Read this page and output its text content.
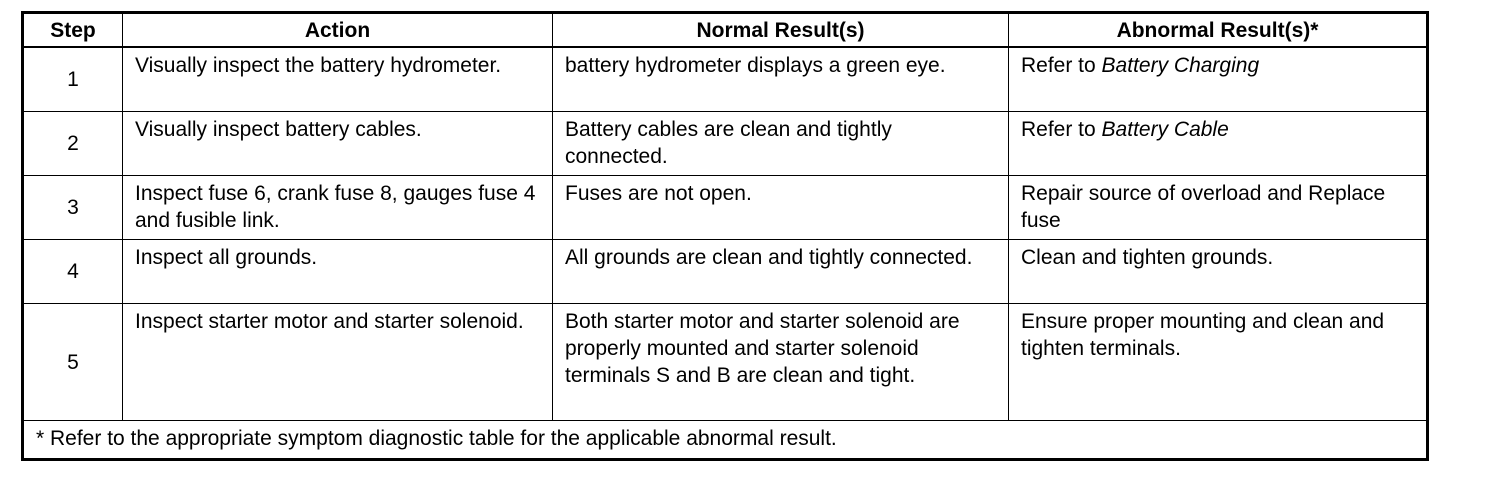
Step	Action	Normal Result(s)	Abnormal Result(s)*
1	Visually inspect the battery hydrometer.	battery hydrometer displays a green eye.	Refer to Battery Charging
2	Visually inspect battery cables.	Battery cables are clean and tightly connected.	Refer to Battery Cable
3	Inspect fuse 6, crank fuse 8, gauges fuse 4 and fusible link.	Fuses are not open.	Repair source of overload and Replace fuse
4	Inspect all grounds.	All grounds are clean and tightly connected.	Clean and tighten grounds.
5	Inspect starter motor and starter solenoid.	Both starter motor and starter solenoid are properly mounted and starter solenoid terminals S and B are clean and tight.	Ensure proper mounting and clean and tighten terminals.
* Refer to the appropriate symptom diagnostic table for the applicable abnormal result.			
